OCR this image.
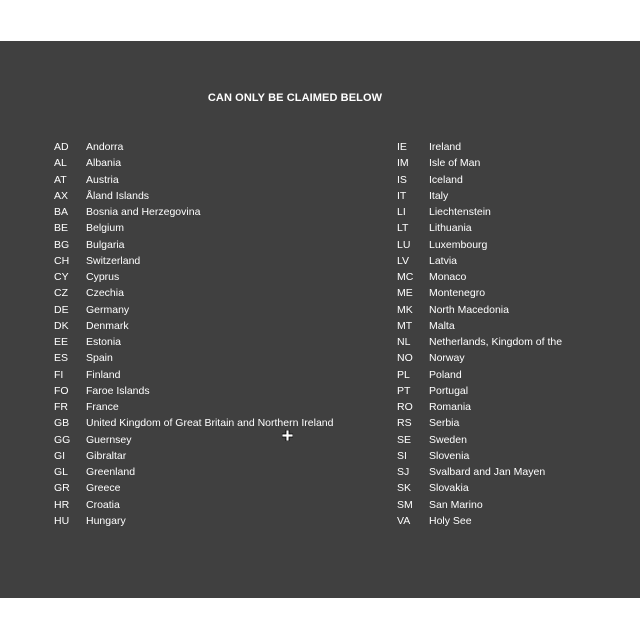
CAN ONLY BE CLAIMED BELOW
AD	Andorra
AL	Albania
AT	Austria
AX	Åland Islands
BA	Bosnia and Herzegovina
BE	Belgium
BG	Bulgaria
CH	Switzerland
CY	Cyprus
CZ	Czechia
DE	Germany
DK	Denmark
EE	Estonia
ES	Spain
FI	Finland
FO	Faroe Islands
FR	France
GB	United Kingdom of Great Britain and Northern Ireland
GG	Guernsey
GI	Gibraltar
GL	Greenland
GR	Greece
HR	Croatia
HU	Hungary
IE	Ireland
IM	Isle of Man
IS	Iceland
IT	Italy
LI	Liechtenstein
LT	Lithuania
LU	Luxembourg
LV	Latvia
MC	Monaco
ME	Montenegro
MK	North Macedonia
MT	Malta
NL	Netherlands, Kingdom of the
NO	Norway
PL	Poland
PT	Portugal
RO	Romania
RS	Serbia
SE	Sweden
SI	Slovenia
SJ	Svalbard and Jan Mayen
SK	Slovakia
SM	San Marino
VA	Holy See
